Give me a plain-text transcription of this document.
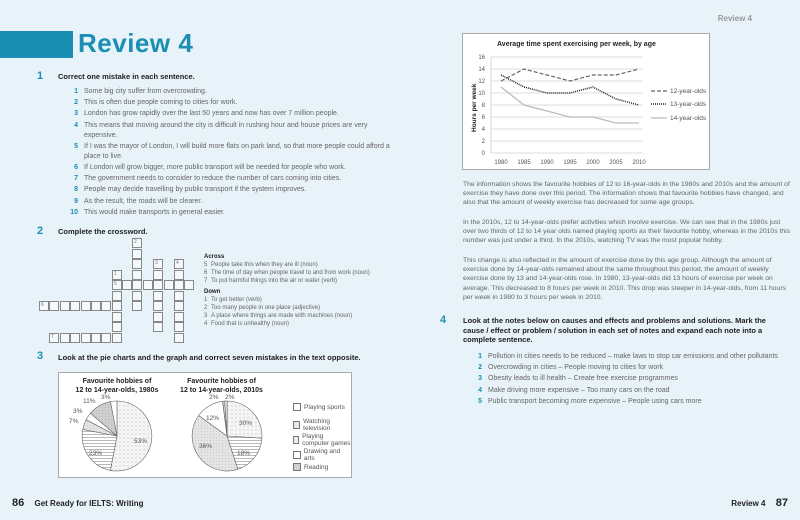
Review 4
1 Correct one mistake in each sentence.
1 Some big city suffer from overcrowding.
2 This is often due people coming to cities for work.
3 London has grow rapidly over the last 50 years and now has over 7 million people.
4 This means that moving around the city is difficult in rushing hour and house prices are very expensive.
5 If I was the mayor of London, I will build more flats on park land, so that more people could afford a place to live.
6 If London will grow bigger, more public transport will be needed for people who work.
7 The government needs to consider to reduce the number of cars coming into cities.
8 People may decide travelling by public transport if the system improves.
9 As the result, the roads will be clearer.
10 This would make transports in general easier.
2 Complete the crossword.
2
3	4
1
5
6
7
Across
5 People take this when they are ill (noun)
6 The time of day when people travel to and from work (noun)
7 To put harmful things into the air or water (verb)
Down
1 To get better (verb)
2 Too many people in one place (adjective)
3 A place where things are made with machines (noun)
4 Food that is unhealthy (noun)
3 Look at the pie charts and the graph and correct seven mistakes in the text opposite.
Favourite hobbies of
12 to 14-year-olds, 1980s
Favourite hobbies of
12 to 14-year-olds, 2010s
53%
23%
7%
3%
11%
3%
30%
18%
36%
12%
2% 2%
Playing sports
Watching television
Playing computer games
Drawing and arts
Reading
86 Get Ready for IELTS: Writing
Review 4
Average time spent exercising per week, by age
Hours per week
16
14
12
10
8
6
4
2
0
1980 1985 1990 1995 2000 2005 2010
12-year-olds
13-year-olds
14-year-olds
The information shows the favourite hobbies of 12 to 16-year-olds in the 1980s and 2010s and the amount of exercise they have done over this period. The information shows that favourite hobbies have changed, and also that the amount of weekly exercise has decreased for some age groups.
In the 2010s, 12 to 14-year-olds prefer activities which involve exercise. We can see that in the 1980s just over two thirds of 12 to 14 year olds named playing sports as their favourite hobby, whereas in the 2010s this number was just under a third. In the 2010s, watching TV was the most popular hobby.
This change is also reflected in the amount of exercise done by this age group. Although the amount of exercise done by 14-year-olds remained about the same throughout this period, the amount of weekly exercise done by 13 and 14-year-olds rose. In 1980, 13-year-olds did 13 hours of exercise per week on average. This decreased to 8 hours per week in 2010. This drop was steeper in 14-year-olds, from 11 hours per week in 1980 to 3 hours per week in 2010.
4 Look at the notes below on causes and effects and problems and solutions. Mark the cause / effect or problem / solution in each set of notes and expand each note into a complete sentence.
1 Pollution in cities needs to be reduced – make laws to stop car emissions and other pollutants
2 Overcrowding in cities – People moving to cities for work
3 Obesity leads to ill health – Create free exercise programmes
4 Make driving more expensive – Too many cars on the road
5 Public transport becoming more expensive – People using cars more
Review 4 87
